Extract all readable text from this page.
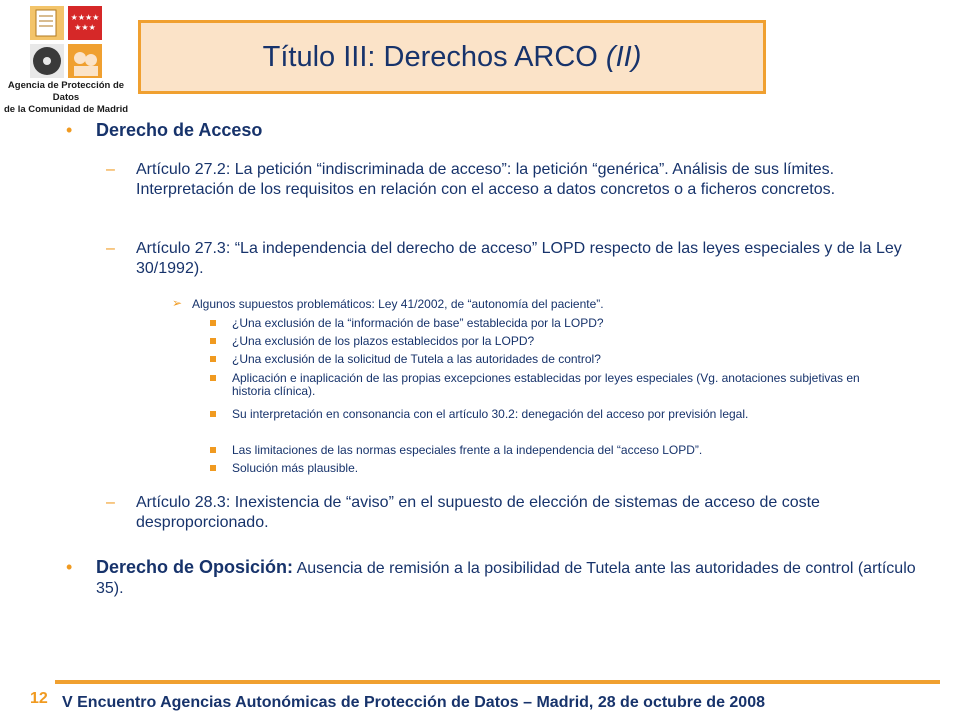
★★★★
★★★
Agencia de Protección de Datos
de la Comunidad de Madrid
Título III: Derechos ARCO (II)
• Derecho de Acceso
– Artículo 27.2: La petición “indiscriminada de acceso”: la petición “genérica”. Análisis de sus límites. Interpretación de los requisitos en relación con el acceso a datos concretos o a ficheros concretos.
– Artículo 27.3: “La independencia del derecho de acceso” LOPD respecto de las leyes especiales y de la Ley 30/1992).
➢ Algunos supuestos problemáticos: Ley 41/2002, de “autonomía del paciente”.
¿Una exclusión de la “información de base” establecida por la LOPD?
¿Una exclusión de los plazos establecidos por la LOPD?
¿Una exclusión de la solicitud de Tutela a las autoridades de control?
Aplicación e inaplicación de las propias excepciones establecidas por leyes especiales (Vg. anotaciones subjetivas en historia clínica).
Su interpretación en consonancia con el artículo 30.2: denegación del acceso por previsión legal.
Las limitaciones de las normas especiales frente a la independencia del “acceso LOPD”.
Solución más plausible.
– Artículo 28.3: Inexistencia de “aviso” en el supuesto de elección de sistemas de acceso de coste desproporcionado.
• Derecho de Oposición: Ausencia de remisión a la posibilidad de Tutela ante las autoridades de control (artículo 35).
12 V Encuentro Agencias Autonómicas de Protección de Datos – Madrid, 28 de octubre de 2008
